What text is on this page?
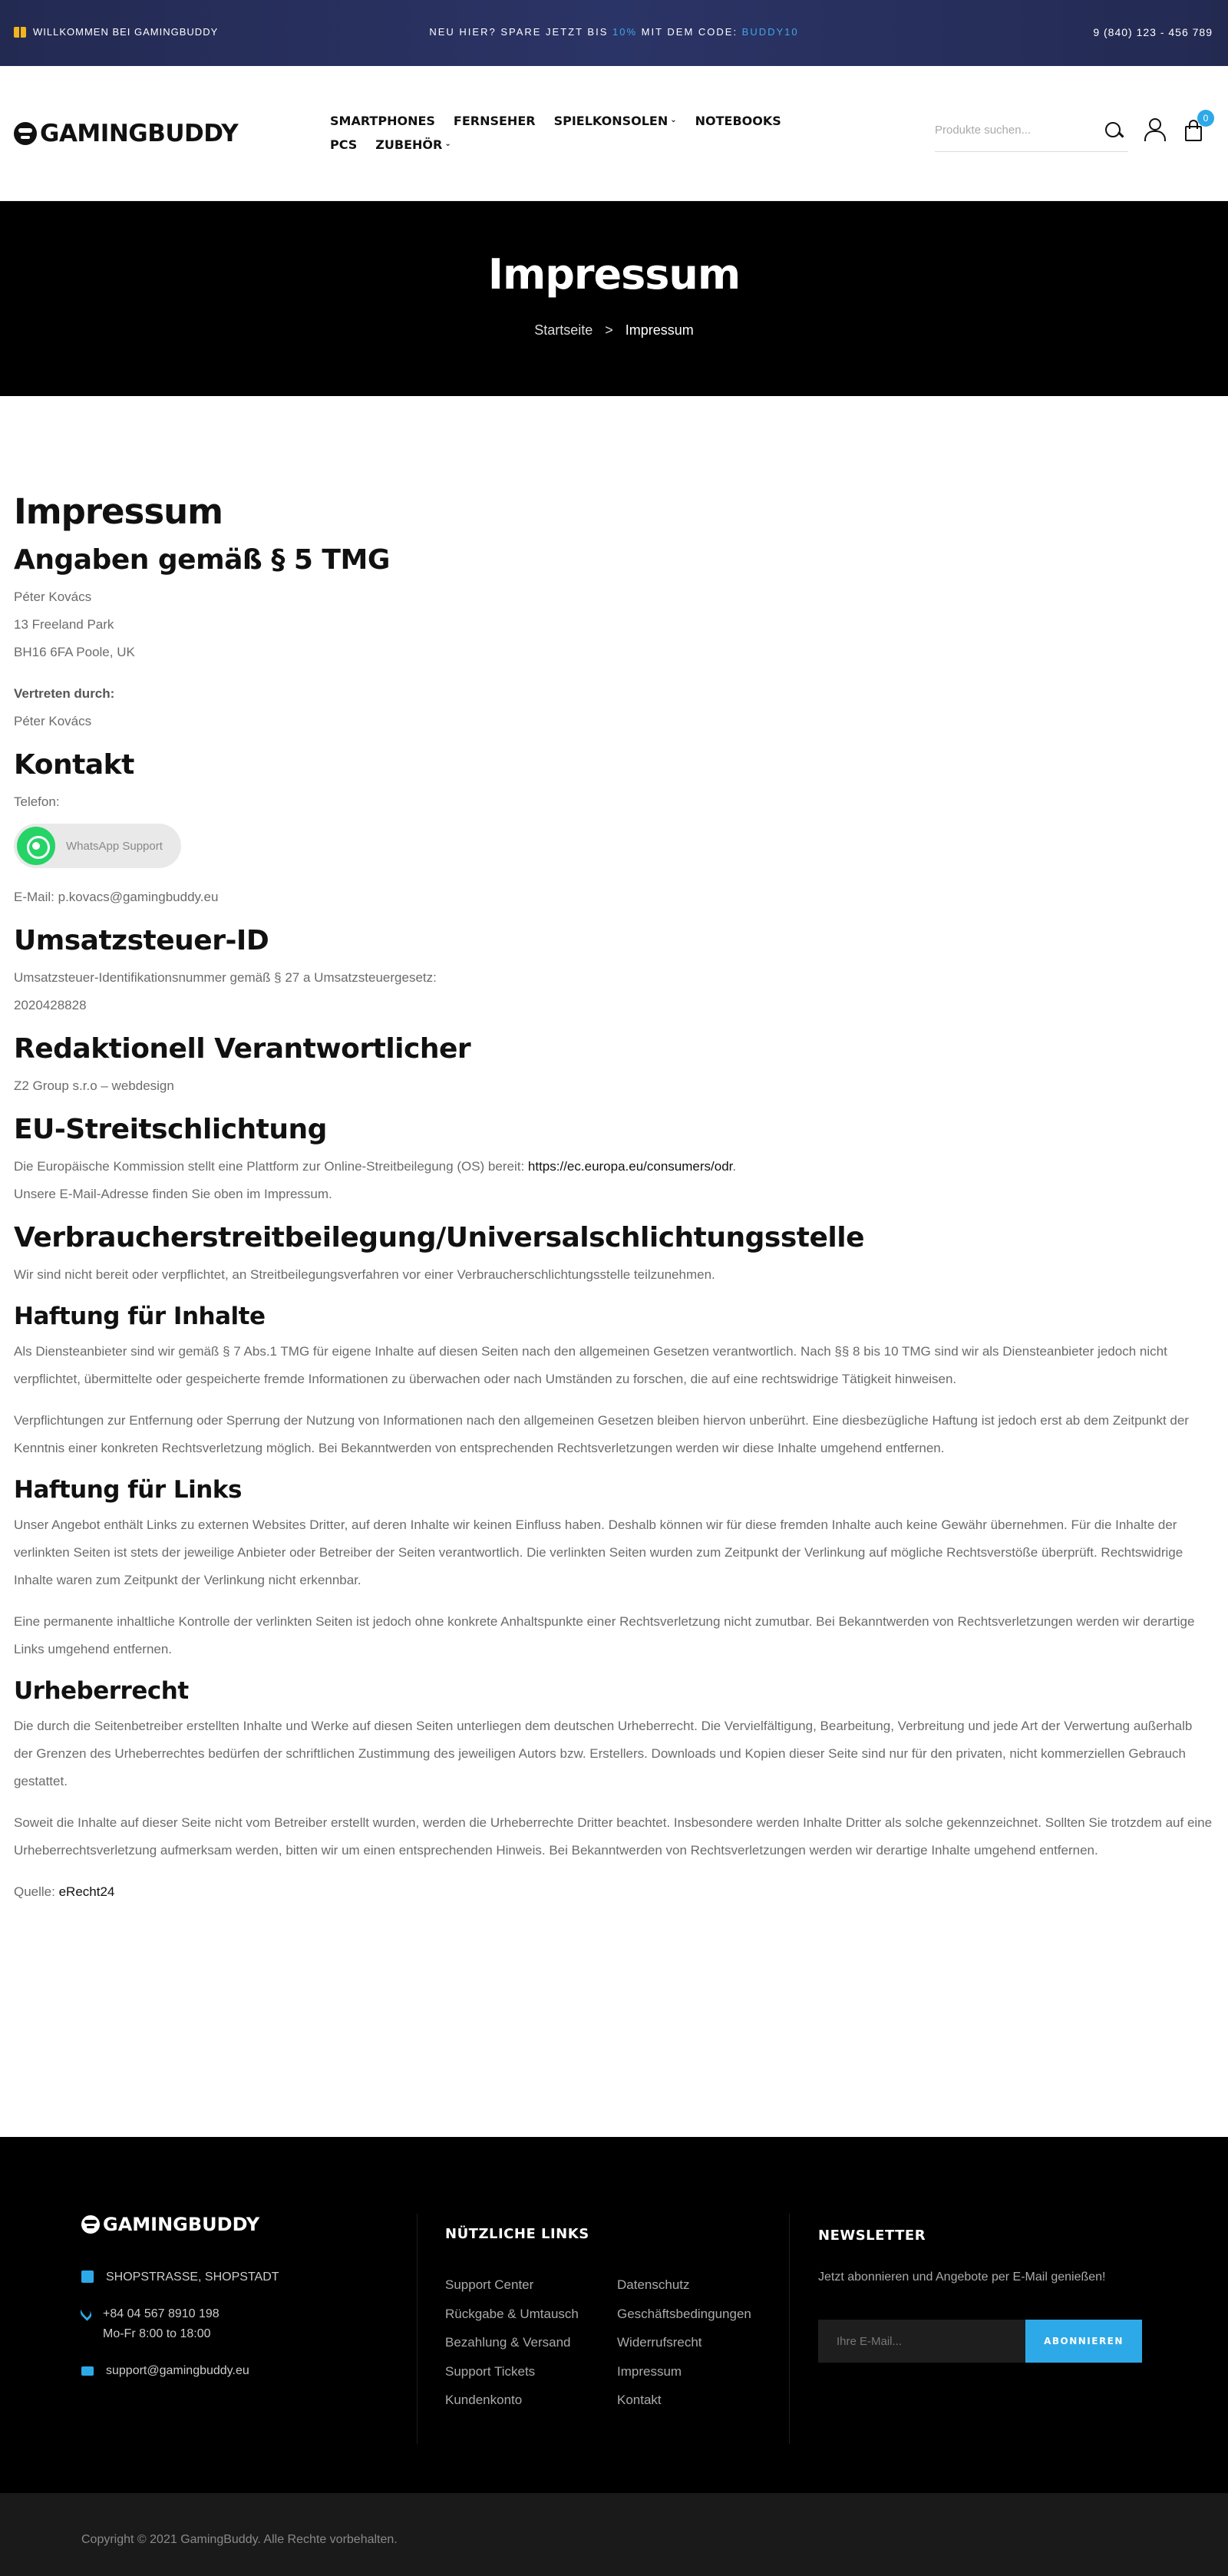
WILLKOMMEN BEI GAMINGBUDDY	NEU HIER? SPARE JETZT BIS 10% MIT DEM CODE: BUDDY10	9 (840) 123 - 456 789
GAMINGBUDDY	SMARTPHONES FERNSEHER SPIELKONSOLEN ⌄ NOTEBOOKS
PCS ZUBEHÖR ⌄
Produkte suchen...
0
Impressum
Startseite > Impressum
Impressum
Angaben gemäß § 5 TMG

Péter Kovács
13 Freeland Park
BH16 6FA Poole, UK

Vertreten durch:
Péter Kovács

Kontakt

Telefon:

WhatsApp Support

E-Mail: p.kovacs@gamingbuddy.eu

Umsatzsteuer-ID

Umsatzsteuer-Identifikationsnummer gemäß § 27 a Umsatzsteuergesetz:
2020428828

Redaktionell Verantwortlicher

Z2 Group s.r.o – webdesign

EU-Streitschlichtung

Die Europäische Kommission stellt eine Plattform zur Online-Streitbeilegung (OS) bereit: https://ec.europa.eu/consumers/odr.
Unsere E-Mail-Adresse finden Sie oben im Impressum.

Verbraucherstreitbeilegung/Universalschlichtungsstelle

Wir sind nicht bereit oder verpflichtet, an Streitbeilegungsverfahren vor einer Verbraucherschlichtungsstelle teilzunehmen.

Haftung für Inhalte

Als Diensteanbieter sind wir gemäß § 7 Abs.1 TMG für eigene Inhalte auf diesen Seiten nach den allgemeinen Gesetzen verantwortlich. Nach §§ 8 bis 10 TMG sind wir als Diensteanbieter jedoch nicht verpflichtet, übermittelte oder gespeicherte fremde Informationen zu überwachen oder nach Umständen zu forschen, die auf eine rechtswidrige Tätigkeit hinweisen.

Verpflichtungen zur Entfernung oder Sperrung der Nutzung von Informationen nach den allgemeinen Gesetzen bleiben hiervon unberührt. Eine diesbezügliche Haftung ist jedoch erst ab dem Zeitpunkt der Kenntnis einer konkreten Rechtsverletzung möglich. Bei Bekanntwerden von entsprechenden Rechtsverletzungen werden wir diese Inhalte umgehend entfernen.

Haftung für Links

Unser Angebot enthält Links zu externen Websites Dritter, auf deren Inhalte wir keinen Einfluss haben. Deshalb können wir für diese fremden Inhalte auch keine Gewähr übernehmen. Für die Inhalte der verlinkten Seiten ist stets der jeweilige Anbieter oder Betreiber der Seiten verantwortlich. Die verlinkten Seiten wurden zum Zeitpunkt der Verlinkung auf mögliche Rechtsverstöße überprüft. Rechtswidrige Inhalte waren zum Zeitpunkt der Verlinkung nicht erkennbar.

Eine permanente inhaltliche Kontrolle der verlinkten Seiten ist jedoch ohne konkrete Anhaltspunkte einer Rechtsverletzung nicht zumutbar. Bei Bekanntwerden von Rechtsverletzungen werden wir derartige Links umgehend entfernen.

Urheberrecht

Die durch die Seitenbetreiber erstellten Inhalte und Werke auf diesen Seiten unterliegen dem deutschen Urheberrecht. Die Vervielfältigung, Bearbeitung, Verbreitung und jede Art der Verwertung außerhalb der Grenzen des Urheberrechtes bedürfen der schriftlichen Zustimmung des jeweiligen Autors bzw. Erstellers. Downloads und Kopien dieser Seite sind nur für den privaten, nicht kommerziellen Gebrauch gestattet.

Soweit die Inhalte auf dieser Seite nicht vom Betreiber erstellt wurden, werden die Urheberrechte Dritter beachtet. Insbesondere werden Inhalte Dritter als solche gekennzeichnet. Sollten Sie trotzdem auf eine Urheberrechtsverletzung aufmerksam werden, bitten wir um einen entsprechenden Hinweis. Bei Bekanntwerden von Rechtsverletzungen werden wir derartige Inhalte umgehend entfernen.

Quelle: eRecht24

GAMINGBUDDY
SHOPSTRASSE, SHOPSTADT
+84 04 567 8910 198
Mo-Fr 8:00 to 18:00
support@gamingbuddy.eu
NÜTZLICHE LINKS
Support Center
Rückgabe & Umtausch
Bezahlung & Versand
Support Tickets
Kundenkonto
Datenschutz
Geschäftsbedingungen
Widerrufsrecht
Impressum
Kontakt
NEWSLETTER
Jetzt abonnieren und Angebote per E-Mail genießen!
Ihre E-Mail...
ABONNIEREN
Copyright © 2021 GamingBuddy. Alle Rechte vorbehalten.
